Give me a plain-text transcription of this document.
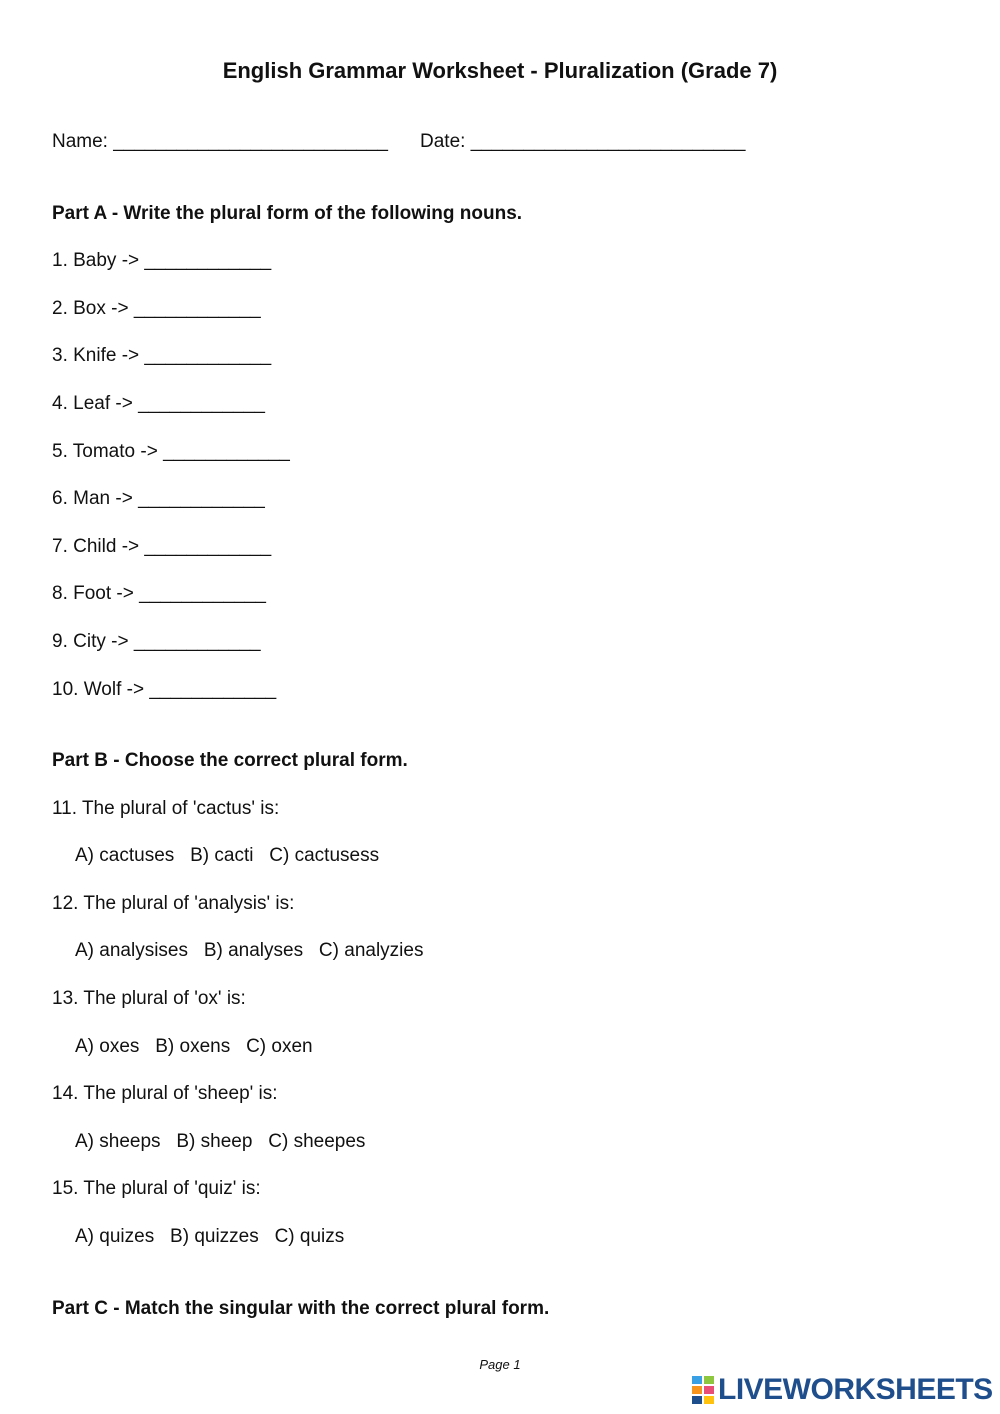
English Grammar Worksheet - Pluralization (Grade 7)
Name: __________________________ Date: __________________________
Part A - Write the plural form of the following nouns.
1. Baby -> ____________
2. Box -> ____________
3. Knife -> ____________
4. Leaf -> ____________
5. Tomato -> ____________
6. Man -> ____________
7. Child -> ____________
8. Foot -> ____________
9. City -> ____________
10. Wolf -> ____________
Part B - Choose the correct plural form.
11. The plural of 'cactus' is:
A) cactuses   B) cacti   C) cactusess
12. The plural of 'analysis' is:
A) analysises   B) analyses   C) analyzies
13. The plural of 'ox' is:
A) oxes   B) oxens   C) oxen
14. The plural of 'sheep' is:
A) sheeps   B) sheep   C) sheepes
15. The plural of 'quiz' is:
A) quizes   B) quizzes   C) quizs
Part C - Match the singular with the correct plural form.
Page 1
LIVEWORKSHEETS
